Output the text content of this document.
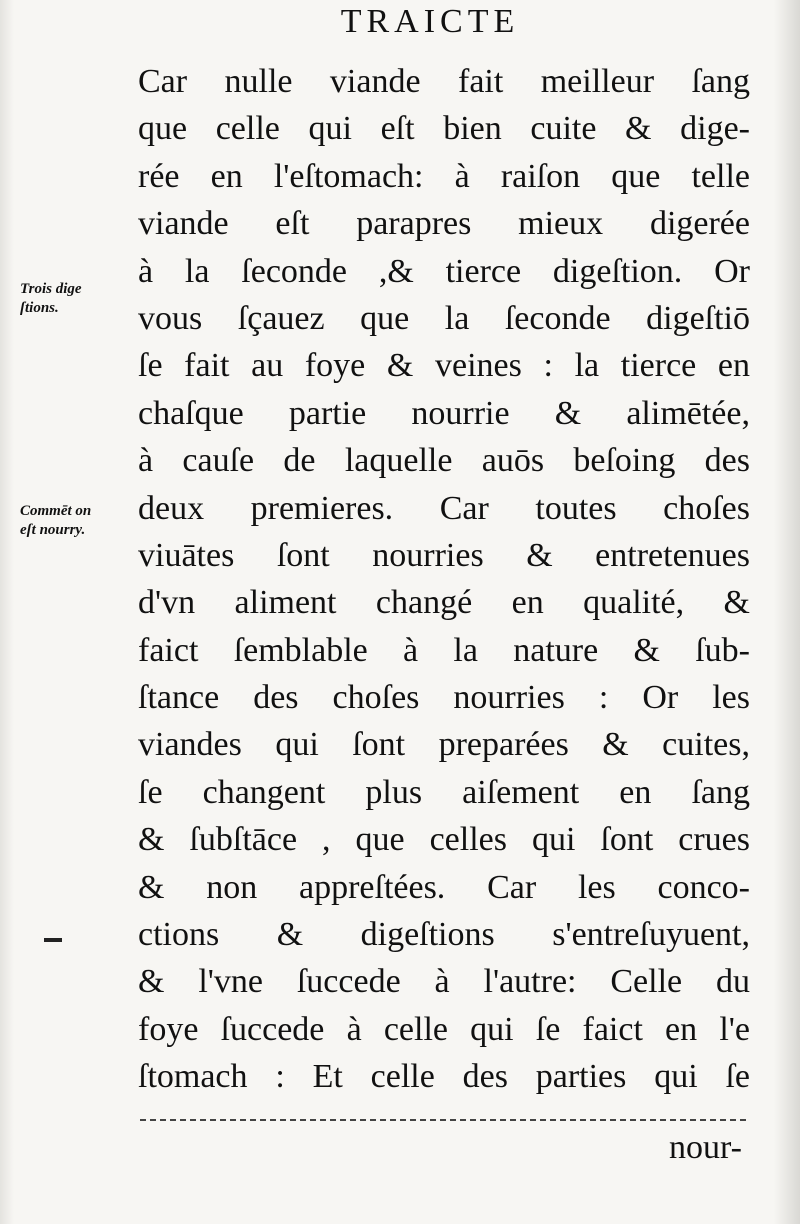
TRAICTE
Trois dige
ſtions.
Commēt on
eſt nourry.
Car nulle viande fait meilleur ſang
que celle qui eſt bien cuite & dige-
rée en l'eſtomach: à raiſon que telle
viande eſt parapres mieux digerée
à la ſeconde ,& tierce digeſtion. Or
vous ſçauez que la ſeconde digeſtiō
ſe fait au foye & veines : la tierce en
chaſque partie nourrie & alimētée,
à cauſe de laquelle auōs beſoing des
deux premieres. Car toutes choſes
viuātes ſont nourries & entretenues
d'vn aliment changé en qualité, &
faict ſemblable à la nature & ſub-
ſtance des choſes nourries : Or les
viandes qui ſont preparées & cuites,
ſe changent plus aiſement en ſang
& ſubſtāce , que celles qui ſont crues
& non appreſtées. Car les conco-
ctions & digeſtions s'entreſuyuent,
& l'vne ſuccede à l'autre: Celle du
foye ſuccede à celle qui ſe faict en l'e
ſtomach : Et celle des parties qui ſe
nour-
